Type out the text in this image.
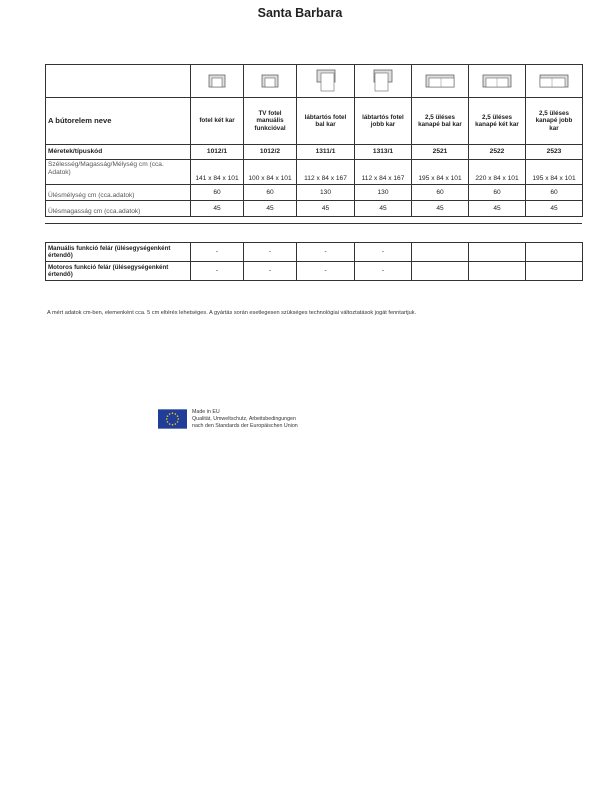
Santa Barbara

A bútorelem neve	fotel két kar	TV fotel
manuális
funkcióval	lábtartós fotel
bal kar	lábtartós fotel
jobb kar	2,5 üléses
kanapé bal kar	2,5 üléses
kanapé két kar	2,5 üléses
kanapé jobb
kar
Méretek/típuskód	1012/1	1012/2	1311/1	1313/1	2521	2522	2523
Szélesség/Magasság/Mélység cm (cca.
Adatok)	141 x 84 x 101	100 x 84 x 101	112 x 84 x 167	112 x 84 x 167	195 x 84 x 101	220 x 84 x 101	195 x 84 x 101
Ülésmélység cm (cca.adatok)	60	60	130	130	60	60	60
Ülésmagasság cm (cca.adatok)	45	45	45	45	45	45	45
Manuális funkció felár (ülésegységenként
értendő)	-	-	-	-			
Motoros funkció felár (ülésegységenként
értendő)	-	-	-	-			
A mért adatok cm-ben, elemenként cca. 5 cm eltérés lehetséges. A gyártás során esetlegesen szükséges technológiai változtatások jogát fenntartjuk.
Made in EU
Qualität, Umweltschutz, Arbeitsbedingungen
nach den Standards der Europäischen Union
